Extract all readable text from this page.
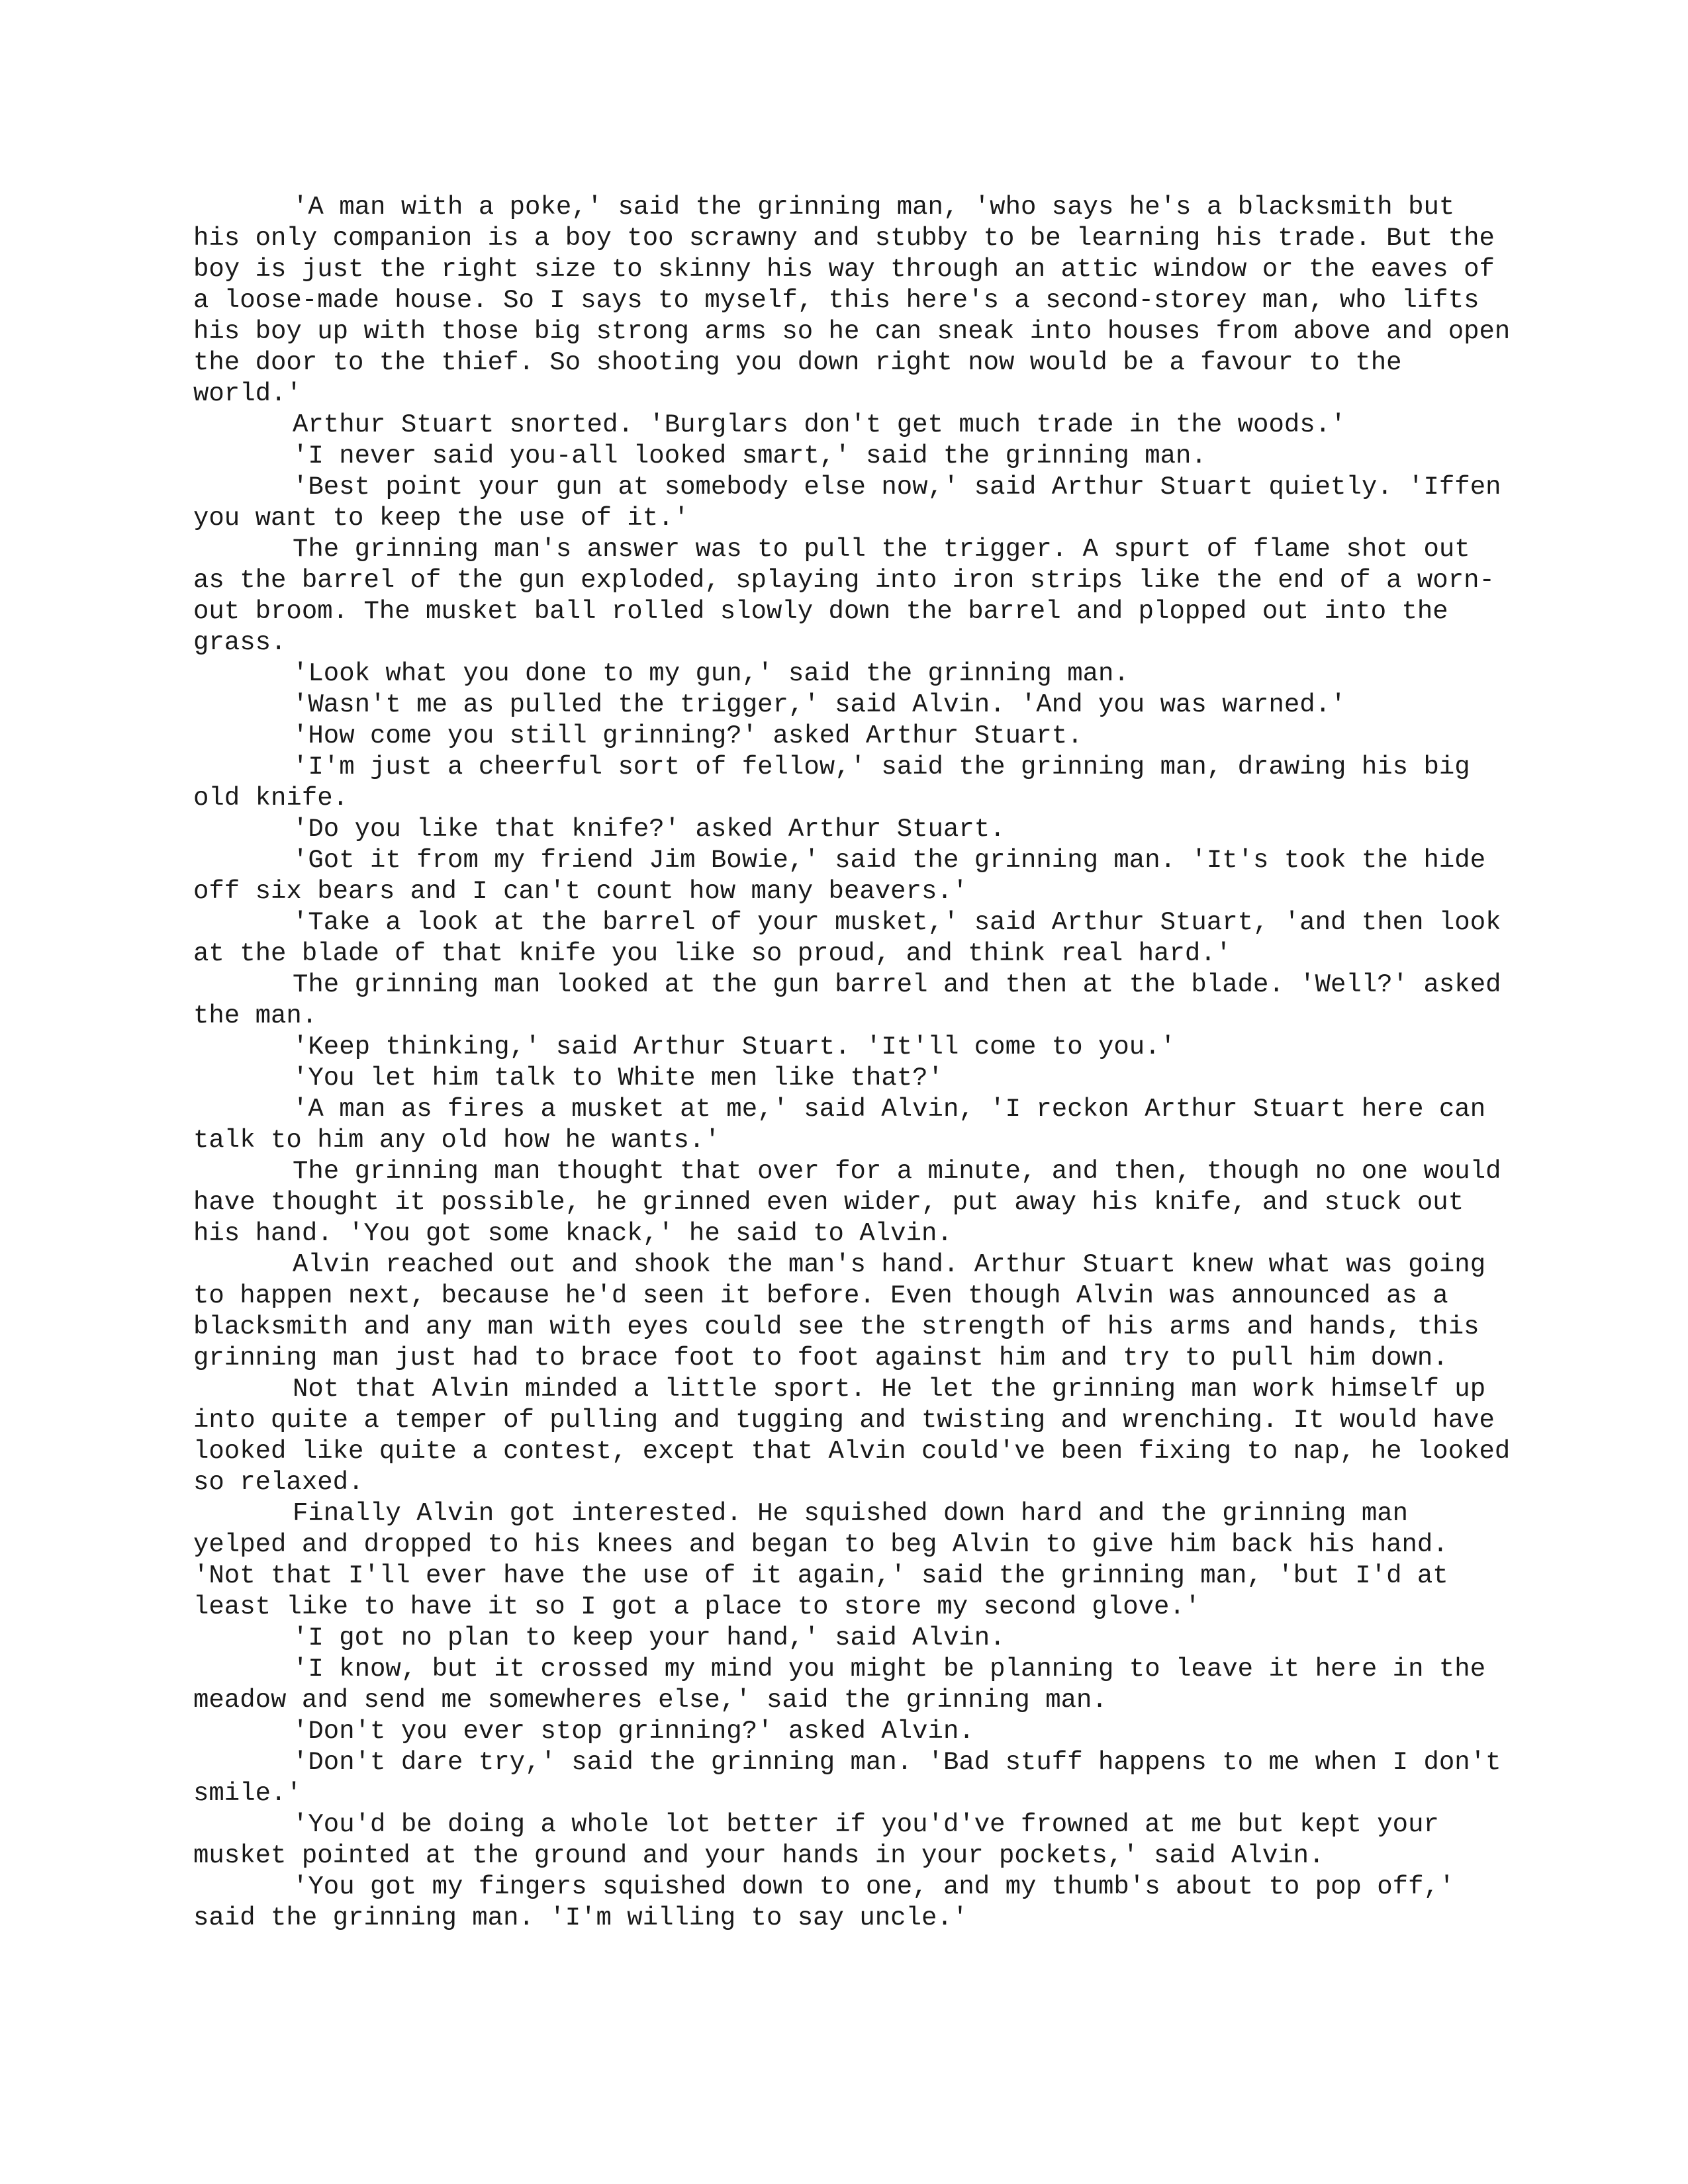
'A man with a poke,' said the grinning man, 'who says he's a blacksmith but his only companion is a boy too scrawny and stubby to be learning his trade. But the boy is just the right size to skinny his way through an attic window or the eaves of a loose-made house. So I says to myself, this here's a second-storey man, who lifts his boy up with those big strong arms so he can sneak into houses from above and open the door to the thief. So shooting you down right now would be a favour to the world.'

Arthur Stuart snorted. 'Burglars don't get much trade in the woods.'

'I never said you-all looked smart,' said the grinning man.

'Best point your gun at somebody else now,' said Arthur Stuart quietly. 'Iffen you want to keep the use of it.'

The grinning man's answer was to pull the trigger. A spurt of flame shot out as the barrel of the gun exploded, splaying into iron strips like the end of a worn-out broom. The musket ball rolled slowly down the barrel and plopped out into the grass.

'Look what you done to my gun,' said the grinning man.

'Wasn't me as pulled the trigger,' said Alvin. 'And you was warned.'

'How come you still grinning?' asked Arthur Stuart.

'I'm just a cheerful sort of fellow,' said the grinning man, drawing his big old knife.

'Do you like that knife?' asked Arthur Stuart.

'Got it from my friend Jim Bowie,' said the grinning man. 'It's took the hide off six bears and I can't count how many beavers.'

'Take a look at the barrel of your musket,' said Arthur Stuart, 'and then look at the blade of that knife you like so proud, and think real hard.'

The grinning man looked at the gun barrel and then at the blade. 'Well?' asked the man.

'Keep thinking,' said Arthur Stuart. 'It'll come to you.'

'You let him talk to White men like that?'

'A man as fires a musket at me,' said Alvin, 'I reckon Arthur Stuart here can talk to him any old how he wants.'

The grinning man thought that over for a minute, and then, though no one would have thought it possible, he grinned even wider, put away his knife, and stuck out his hand. 'You got some knack,' he said to Alvin.

Alvin reached out and shook the man's hand. Arthur Stuart knew what was going to happen next, because he'd seen it before. Even though Alvin was announced as a blacksmith and any man with eyes could see the strength of his arms and hands, this grinning man just had to brace foot to foot against him and try to pull him down.

Not that Alvin minded a little sport. He let the grinning man work himself up into quite a temper of pulling and tugging and twisting and wrenching. It would have looked like quite a contest, except that Alvin could've been fixing to nap, he looked so relaxed.

Finally Alvin got interested. He squished down hard and the grinning man yelped and dropped to his knees and began to beg Alvin to give him back his hand. 'Not that I'll ever have the use of it again,' said the grinning man, 'but I'd at least like to have it so I got a place to store my second glove.'

'I got no plan to keep your hand,' said Alvin.

'I know, but it crossed my mind you might be planning to leave it here in the meadow and send me somewheres else,' said the grinning man.

'Don't you ever stop grinning?' asked Alvin.

'Don't dare try,' said the grinning man. 'Bad stuff happens to me when I don't smile.'

'You'd be doing a whole lot better if you'd've frowned at me but kept your musket pointed at the ground and your hands in your pockets,' said Alvin.

'You got my fingers squished down to one, and my thumb's about to pop off,' said the grinning man. 'I'm willing to say uncle.'
